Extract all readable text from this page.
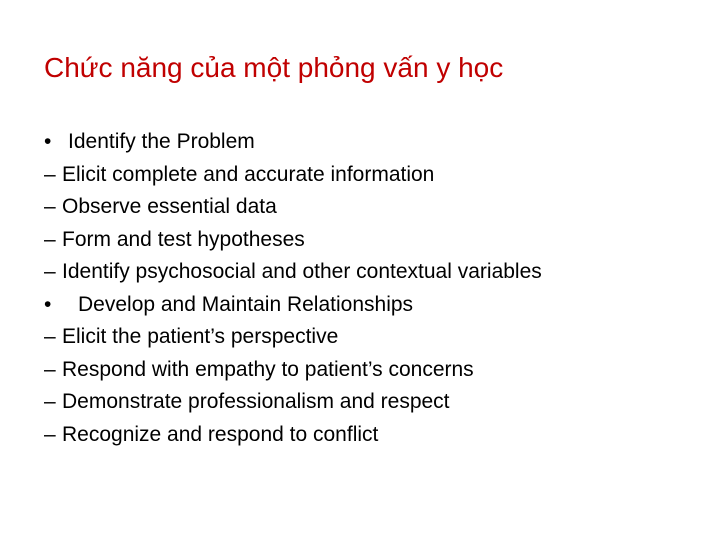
Chức năng của một phỏng vấn y học
• Identify the Problem
– Elicit complete and accurate information
– Observe essential data
– Form and test hypotheses
– Identify psychosocial and other contextual variables
• Develop and Maintain Relationships
– Elicit the patient’s perspective
– Respond with empathy to patient’s concerns
– Demonstrate professionalism and respect
– Recognize and respond to conflict
